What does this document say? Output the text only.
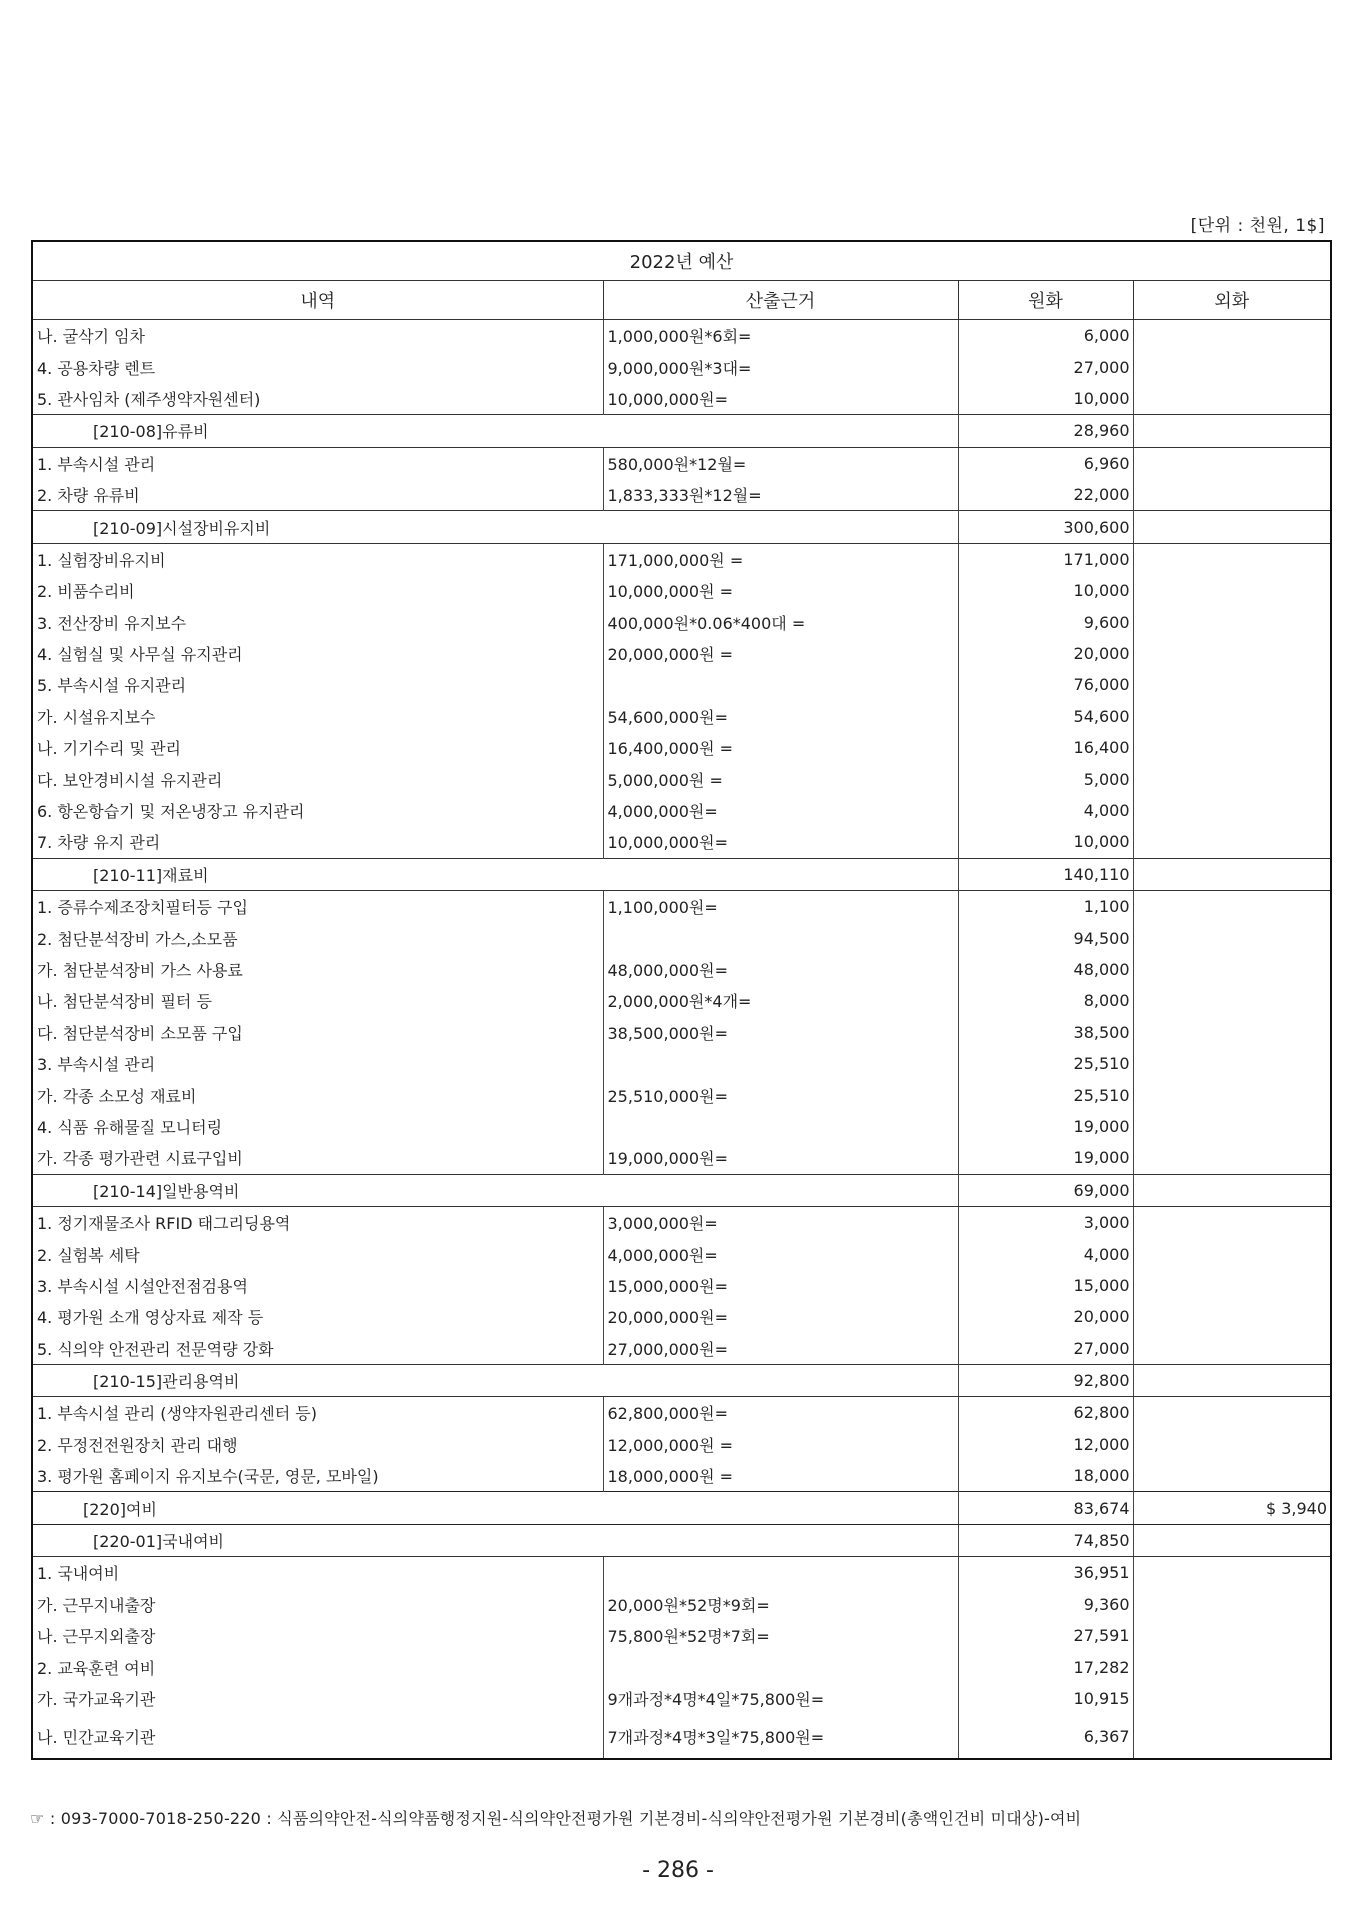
[단위 : 천원, 1$]
2022년 예산			
내역	산출근거	원화	외화
나. 굴삭기 임차	1,000,000원*6회=	6,000	
4. 공용차량 렌트	9,000,000원*3대=	27,000	
5. 관사임차 (제주생약자원센터)	10,000,000원=	10,000	
[210-08]유류비		28,960	
1. 부속시설 관리	580,000원*12월=	6,960	
2. 차량 유류비	1,833,333원*12월=	22,000	
[210-09]시설장비유지비		300,600	
1. 실험장비유지비	171,000,000원 =	171,000	
2. 비품수리비	10,000,000원 =	10,000	
3. 전산장비 유지보수	400,000원*0.06*400대 =	9,600	
4. 실험실 및 사무실 유지관리	20,000,000원 =	20,000	
5. 부속시설 유지관리		76,000	
가. 시설유지보수	54,600,000원=	54,600	
나. 기기수리 및 관리	16,400,000원 =	16,400	
다. 보안경비시설 유지관리	5,000,000원 =	5,000	
6. 항온항습기 및 저온냉장고 유지관리	4,000,000원=	4,000	
7. 차량 유지 관리	10,000,000원=	10,000	
[210-11]재료비		140,110	
1. 증류수제조장치필터등 구입	1,100,000원=	1,100	
2. 첨단분석장비 가스,소모품		94,500	
가. 첨단분석장비 가스 사용료	48,000,000원=	48,000	
나. 첨단분석장비 필터 등	2,000,000원*4개=	8,000	
다. 첨단분석장비 소모품 구입	38,500,000원=	38,500	
3. 부속시설 관리		25,510	
가. 각종 소모성 재료비	25,510,000원=	25,510	
4. 식품 유해물질 모니터링		19,000	
가. 각종 평가관련 시료구입비	19,000,000원=	19,000	
[210-14]일반용역비		69,000	
1. 정기재물조사 RFID 태그리딩용역	3,000,000원=	3,000	
2. 실험복 세탁	4,000,000원=	4,000	
3. 부속시설 시설안전점검용역	15,000,000원=	15,000	
4. 평가원 소개 영상자료 제작 등	20,000,000원=	20,000	
5. 식의약 안전관리 전문역량 강화	27,000,000원=	27,000	
[210-15]관리용역비		92,800	
1. 부속시설 관리 (생약자원관리센터 등)	62,800,000원=	62,800	
2. 무정전전원장치 관리 대행	12,000,000원 =	12,000	
3. 평가원 홈페이지 유지보수(국문, 영문, 모바일)	18,000,000원 =	18,000	
[220]여비		83,674	$ 3,940
[220-01]국내여비		74,850	
1. 국내여비		36,951	
가. 근무지내출장	20,000원*52명*9회=	9,360	
나. 근무지외출장	75,800원*52명*7회=	27,591	
2. 교육훈련 여비		17,282	
가. 국가교육기관	9개과정*4명*4일*75,800원=	10,915	
나. 민간교육기관	7개과정*4명*3일*75,800원=	6,367	
☞ : 093-7000-7018-250-220 : 식품의약안전-식의약품행정지원-식의약안전평가원 기본경비-식의약안전평가원 기본경비(총액인건비 미대상)-여비
- 286 -
